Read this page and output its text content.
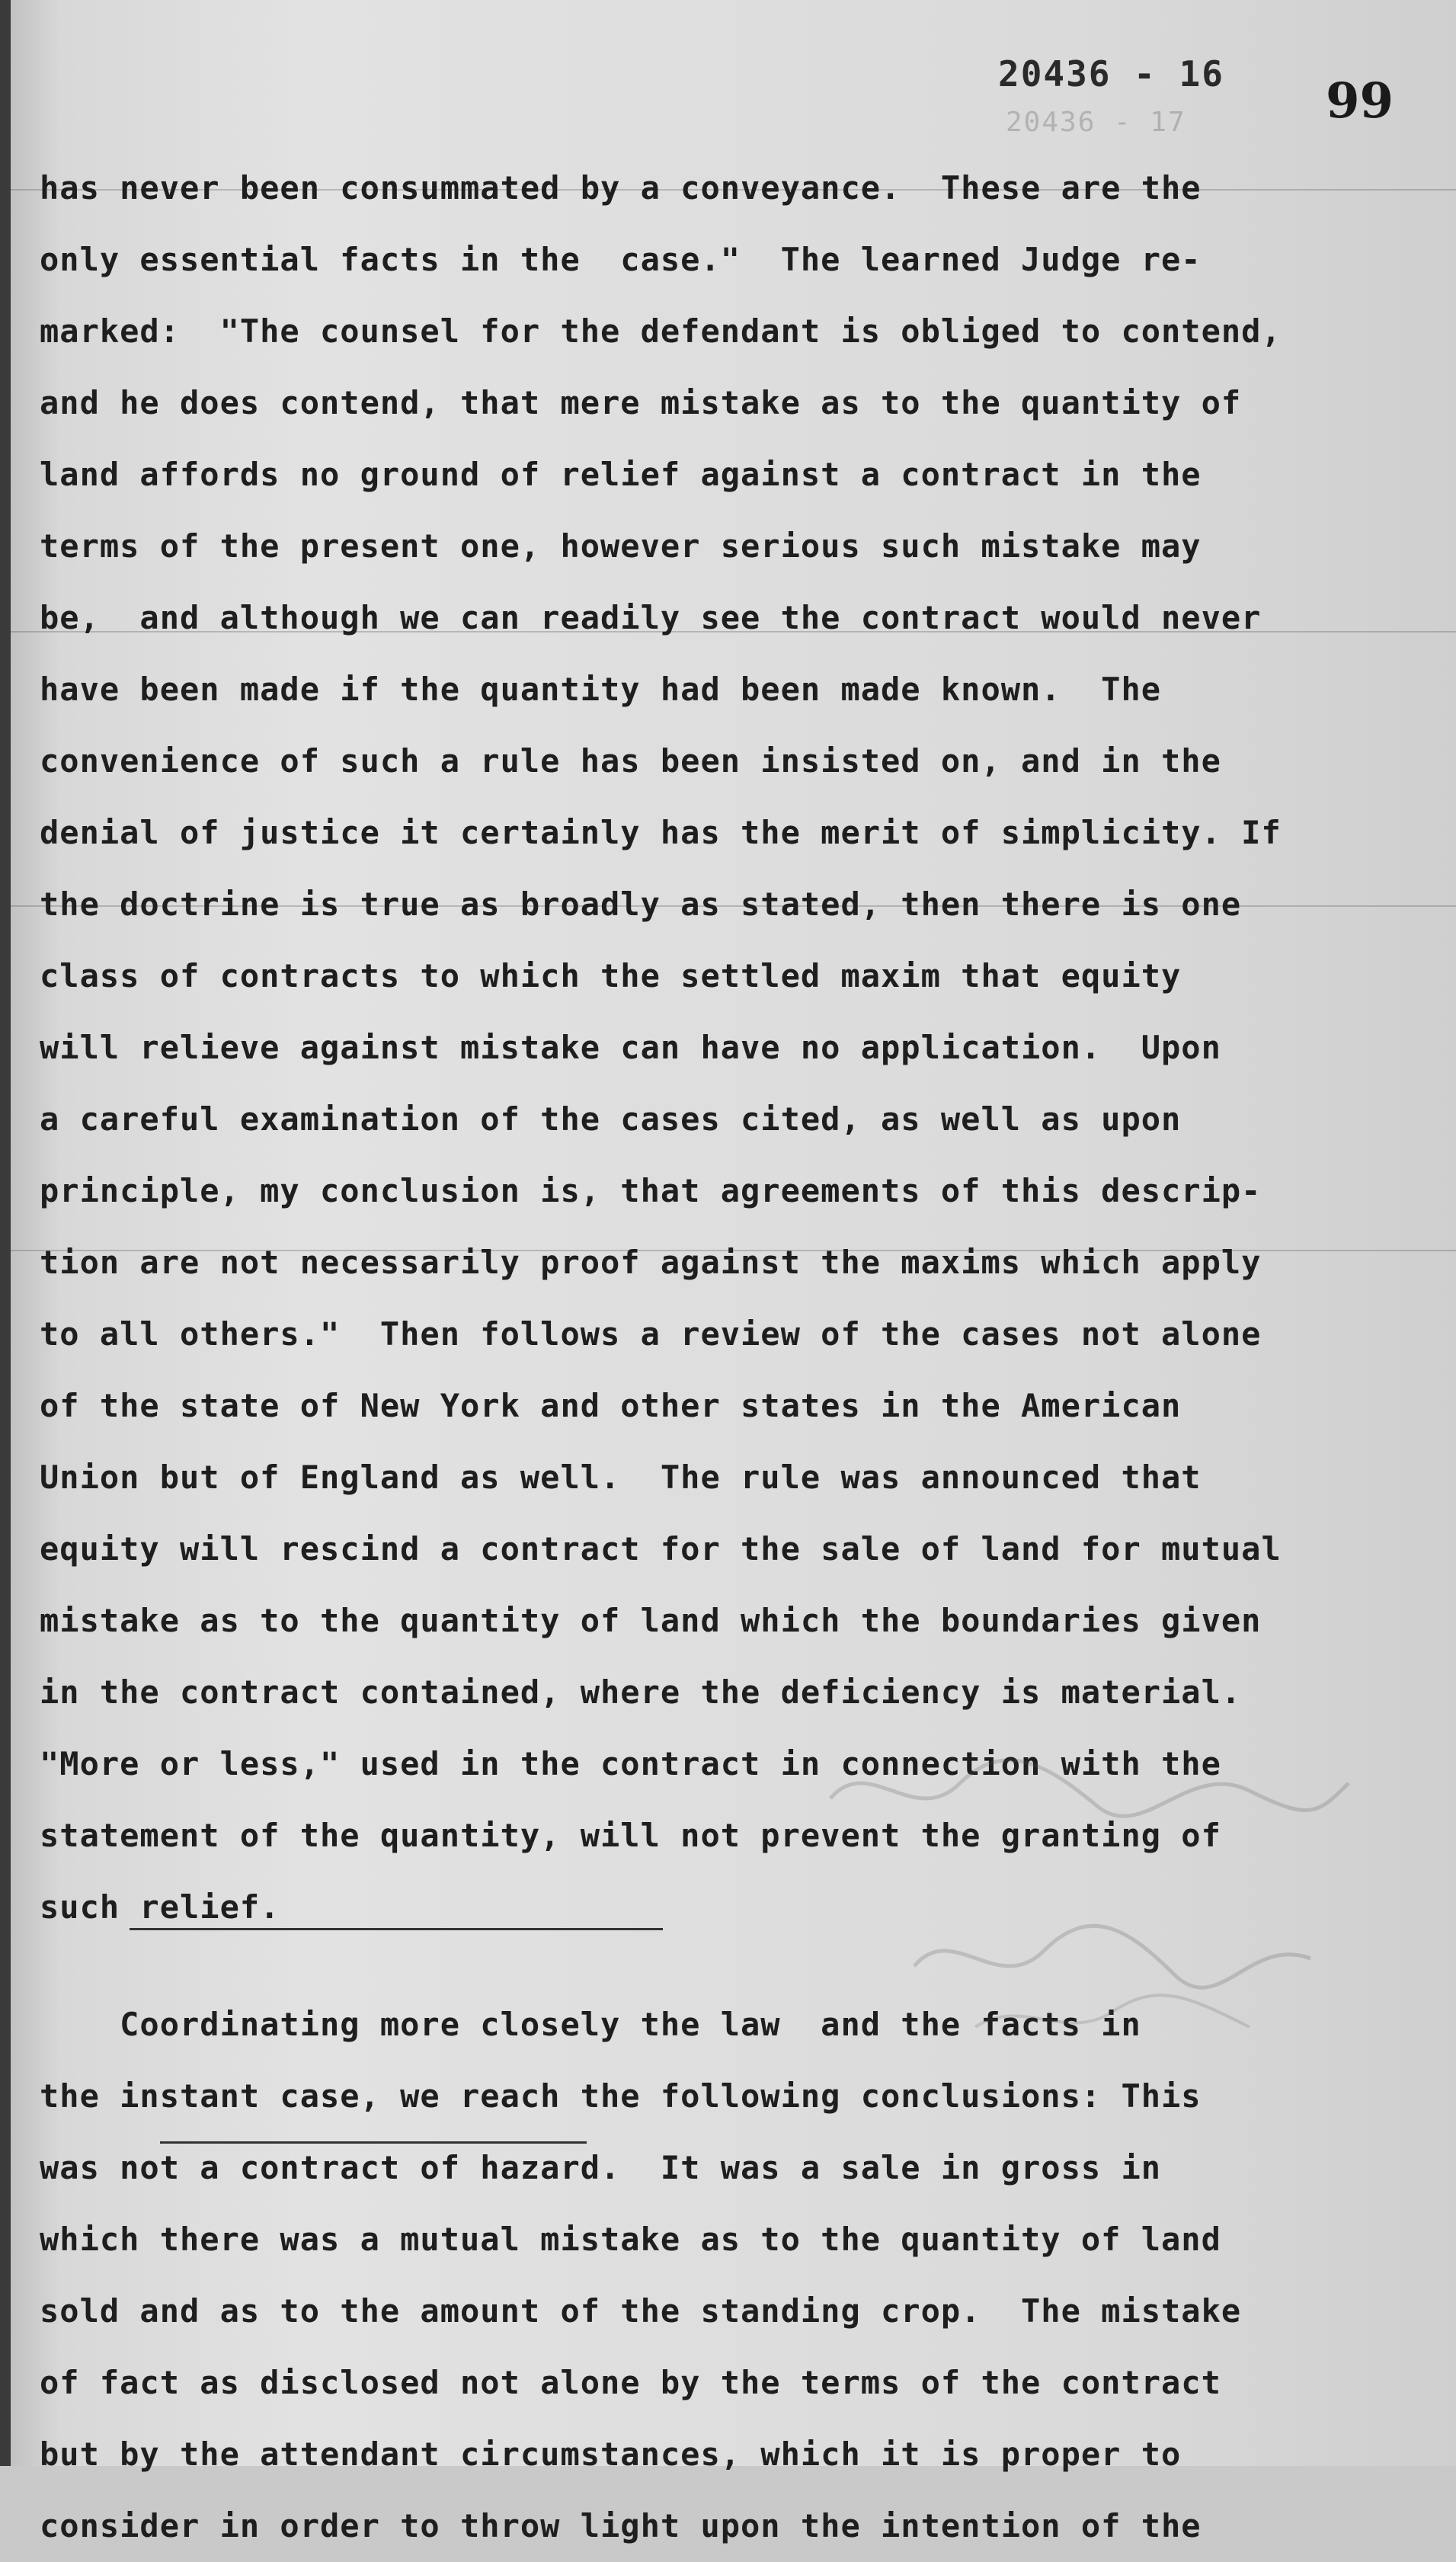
20436 - 16
20436 - 17	99
has never been consummated by a conveyance.  These are the
only essential facts in the  case."  The learned Judge re-
marked:  "The counsel for the defendant is obliged to contend,
and he does contend, that mere mistake as to the quantity of
land affords no ground of relief against a contract in the
terms of the present one, however serious such mistake may
be,  and although we can readily see the contract would never
have been made if the quantity had been made known.  The
convenience of such a rule has been insisted on, and in the
denial of justice it certainly has the merit of simplicity. If
the doctrine is true as broadly as stated, then there is one
class of contracts to which the settled maxim that equity
will relieve against mistake can have no application.  Upon
a careful examination of the cases cited, as well as upon
principle, my conclusion is, that agreements of this descrip-
tion are not necessarily proof against the maxims which apply
to all others."  Then follows a review of the cases not alone
of the state of New York and other states in the American
Union but of England as well.  The rule was announced that
equity will rescind a contract for the sale of land for mutual
mistake as to the quantity of land which the boundaries given
in the contract contained, where the deficiency is material.
"More or less," used in the contract in connection with the
statement of the quantity, will not prevent the granting of
such relief.
Coordinating more closely the law  and the facts in
the instant case, we reach the following conclusions: This
was not a contract of hazard.  It was a sale in gross in
which there was a mutual mistake as to the quantity of land
sold and as to the amount of the standing crop.  The mistake
of fact as disclosed not alone by the terms of the contract
but by the attendant circumstances, which it is proper to
consider in order to throw light upon the intention of the
